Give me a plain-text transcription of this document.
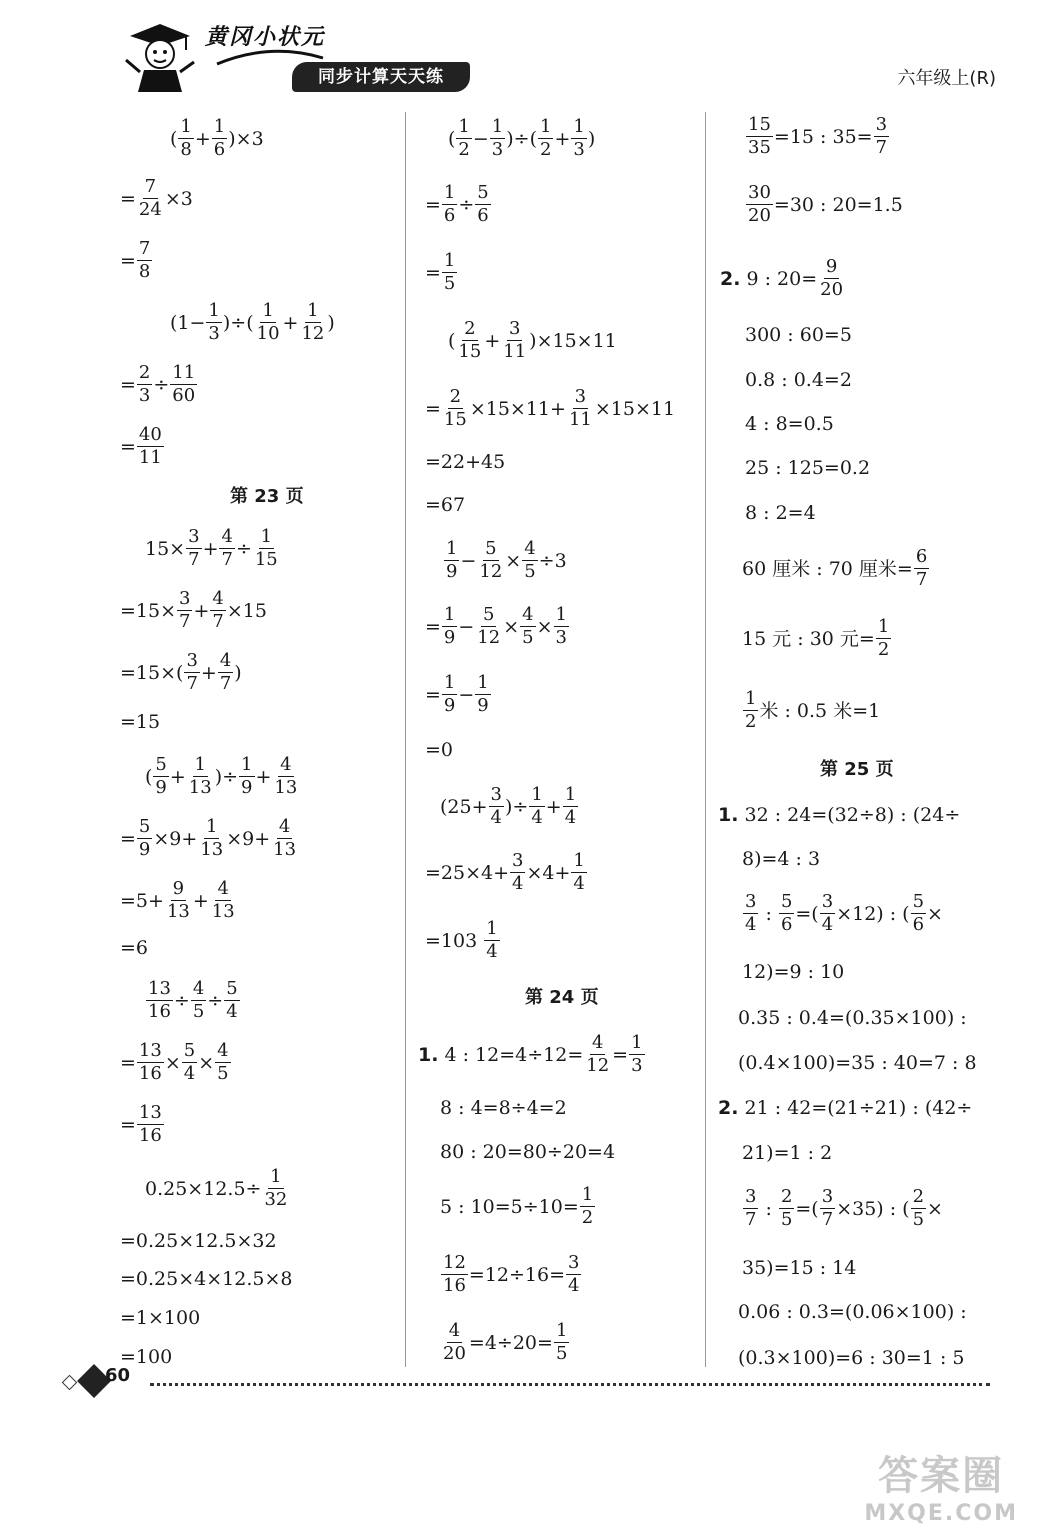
黄冈小状元
同步计算天天练	六年级上(R)
( $\frac{1}{8} + \frac{1}{6} )\times 3$
= $\frac{7}{24} \times 3$
= $\frac{7}{8}$
($1- \frac{1}{3}$ )÷( $\frac{1}{10} + \frac{1}{12}$ )
= $\frac{2}{3} \div \frac{11}{60}$
= $\frac{40}{11}$
第 23 页
$15\times \frac{3}{7} + \frac{4}{7} \div \frac{1}{15}$
$=15\times \frac{3}{7} + \frac{4}{7} \times 15$
$=15\times( \frac{3}{7} + \frac{4}{7}$ )
=15
( $\frac{5}{9} + \frac{1}{13}$ )÷ $\frac{1}{9} + \frac{4}{13}$
= $\frac{5}{9} \times 9+ \frac{1}{13} \times 9+ \frac{4}{13}$
$=5+ \frac{9}{13} + \frac{4}{13}$
=6
$\frac{13}{16} \div \frac{4}{5} \div \frac{5}{4}$
= $\frac{13}{16} \times \frac{5}{4} \times \frac{4}{5}$
= $\frac{13}{16}$
$0.25\times 12.5\div \frac{1}{32}$
=0.25×12.5×32
=0.25×4×12.5×8
=1×100
=100
( $\frac{1}{2} - \frac{1}{3}$ )÷( $\frac{1}{2} + \frac{1}{3}$ )
= $\frac{1}{6} \div \frac{5}{6}$
= $\frac{1}{5}$
( $\frac{2}{15} + \frac{3}{11} )\times 15\times 11$
= $\frac{2}{15} \times 15\times 11+ \frac{3}{11} \times 15\times 11$
=22+45
=67
$\frac{1}{9} - \frac{5}{12} \times \frac{4}{5} \div 3$
= $\frac{1}{9} - \frac{5}{12} \times \frac{4}{5} \times \frac{1}{3}$
= $\frac{1}{9} - \frac{1}{9}$
=0
($25+ \frac{3}{4}$ )÷ $\frac{1}{4} + \frac{1}{4}$
$=25\times 4+ \frac{3}{4} \times 4+ \frac{1}{4}$
$=103 \frac{1}{4}$
第 24 页
1. 4 : $12=4\div 12= \frac{4}{12} = \frac{1}{3}$
8 : 4=8÷4=2
80 : 20=80÷20=4
5 : $10=5\div 10= \frac{1}{2}$
$\frac{12}{16} =12\div 16= \frac{3}{4}$
$\frac{4}{20} =4\div 20= \frac{1}{5}$
$\frac{15}{35} =15$ : $35= \frac{3}{7}$
$\frac{30}{20} =30$ : 20=1.5
2. 9 : $20= \frac{9}{20}$
300 : 60=5
0.8 : 0.4=2
4 : 8=0.5
25 : 125=0.2
8 : 2=4
60 厘米 : 70 厘米= $\frac{6}{7}$
15 元 : 30 元= $\frac{1}{2}$
$\frac{1}{2}$ 米 : 0.5 米=1
第 25 页
1. 32 : 24=(32÷8) : (24÷
8)=4 : 3
$\frac{3}{4}$ : $\frac{5}{6}$ =( $\frac{3}{4} \times 12$) : ( $\frac{5}{6}$ ×
12)=9 : 10
0.35 : 0.4=(0.35×100) :
(0.4×100)=35 : 40=7 : 8
2. 21 : 42=(21÷21) : (42÷
21)=1 : 2
$\frac{3}{7}$ : $\frac{2}{5}$ =( $\frac{3}{7} \times 35$) : ( $\frac{2}{5}$ ×
35)=15 : 14
0.06 : 0.3=(0.06×100) :
(0.3×100)=6 : 30=1 : 5
60
答案圈
MXQE.COM
